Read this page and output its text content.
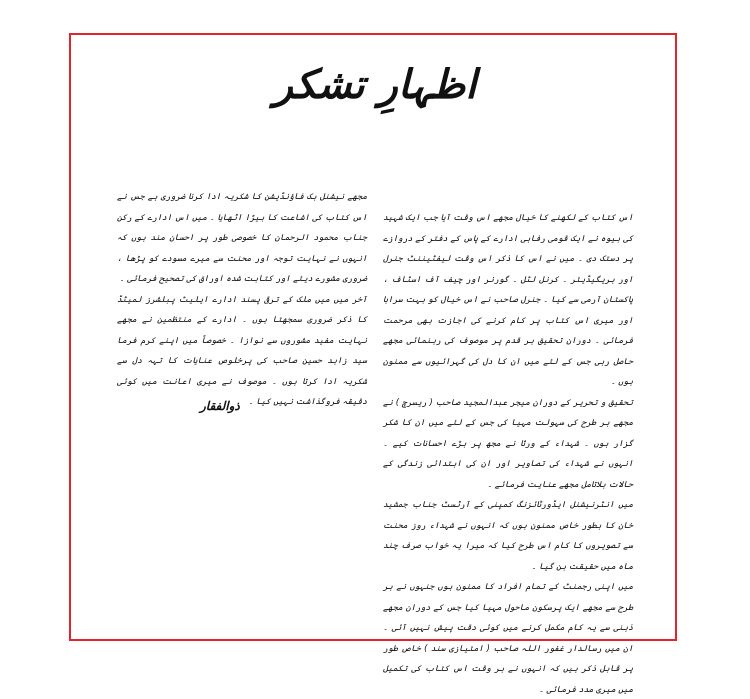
اظہارِ تشکر

اس کتاب کے لکھنے کا خیال مجھے اس وقت آیا جب ایک شہید کی بیوہ نے ایک قومی رفاہی ادارے کے پاس کے دفتر کے دروازے پر دستک دی ۔ میں نے اس کا ذکر اس وقت لیفٹیننٹ جنرل اور بریگیڈیئر ۔ کرنل لٹل ۔ گورنر اور چیف آف اسٹاف ، پاکستان آرمی سے کیا ۔ جنرل صاحب نے اس خیال کو بہت سراہا اور میری اس کتاب پر کام کرنے کی اجازت بھی مرحمت فرمائی ۔ دوران تحقیق ہر قدم پر موصوف کی رہنمائی مجھے حاصل رہی جس کے لئے میں ان کا دل کی گہرائیوں سے ممنون ہوں ۔

تحقیق و تحریر کے دوران میجر عبدالمجید صاحب ( ریسرچ ) نے مجھے ہر طرح کی سہولت مہیا کی جس کے لئے میں ان کا شکر گزار ہوں ۔ شہداء کے ورثا نے مجھ پر بڑے احسانات کیے ۔ انہوں نے شہداء کی تصاویر اور ان کی ابتدائی زندگی کے حالات بلاتامل مجھے عنایت فرمائے ۔

میں انٹرنیشنل ایڈورٹائزنگ کمپنی کے آرٹسٹ جناب جمشید خان کا بطور خاص ممنون ہوں کہ انہوں نے شہداء روز محنت سے تصویروں کا کام اس طرح کیا کہ میرا یہ خواب صرف چند ماہ میں حقیقت بن گیا ۔

میں اپنی رجمنٹ کے تمام افراد کا ممنون ہوں جنہوں نے ہر طرح سے مجھے ایک پرسکون ماحول مہیا کیا جس کے دوران مجھے ذہنی سے یہ کام مکمل کرنے میں کوئی دقت پیش نہیں آئی ۔ ان میں رسالدار غفور اللہ صاحب ( امتیازی سند ) خاص طور پر قابل ذکر ہیں کہ انہوں نے ہر وقت اس کتاب کی تکمیل میں میری مدد فرمائی ۔

مجھے نیشنل بک فاؤنڈیشن کا شکریہ ادا کرنا ضروری ہے جس نے اس کتاب کی اشاعت کا بیڑا اٹھایا ۔ میں اس ادارے کے رکن جناب محمود الرحمان کا خصوصی طور پر احسان مند ہوں کہ انہوں نے نہایت توجہ اور محنت سے میرے مسودے کو پڑھا ، ضروری مشورے دیئے اور کتابت شدہ اوراق کی تصحیح فرمائی ۔

آخر میں میں ملک کے ترقی پسند ادارے ایلیٹ پبلشرز لمیٹڈ کا ذکر ضروری سمجھتا ہوں ۔ ادارے کے منتظمین نے مجھے نہایت مفید مشوروں سے نوازا ۔ خصوصاً میں اپنے کرم فرما سید زاہد حسین صاحب کی پرخلوص عنایات کا تہہ دل سے شکریہ ادا کرتا ہوں ۔ موصوف نے میری اعانت میں کوئی دقیقہ فروگذاشت نہیں کیا ۔

ذوالفقار
